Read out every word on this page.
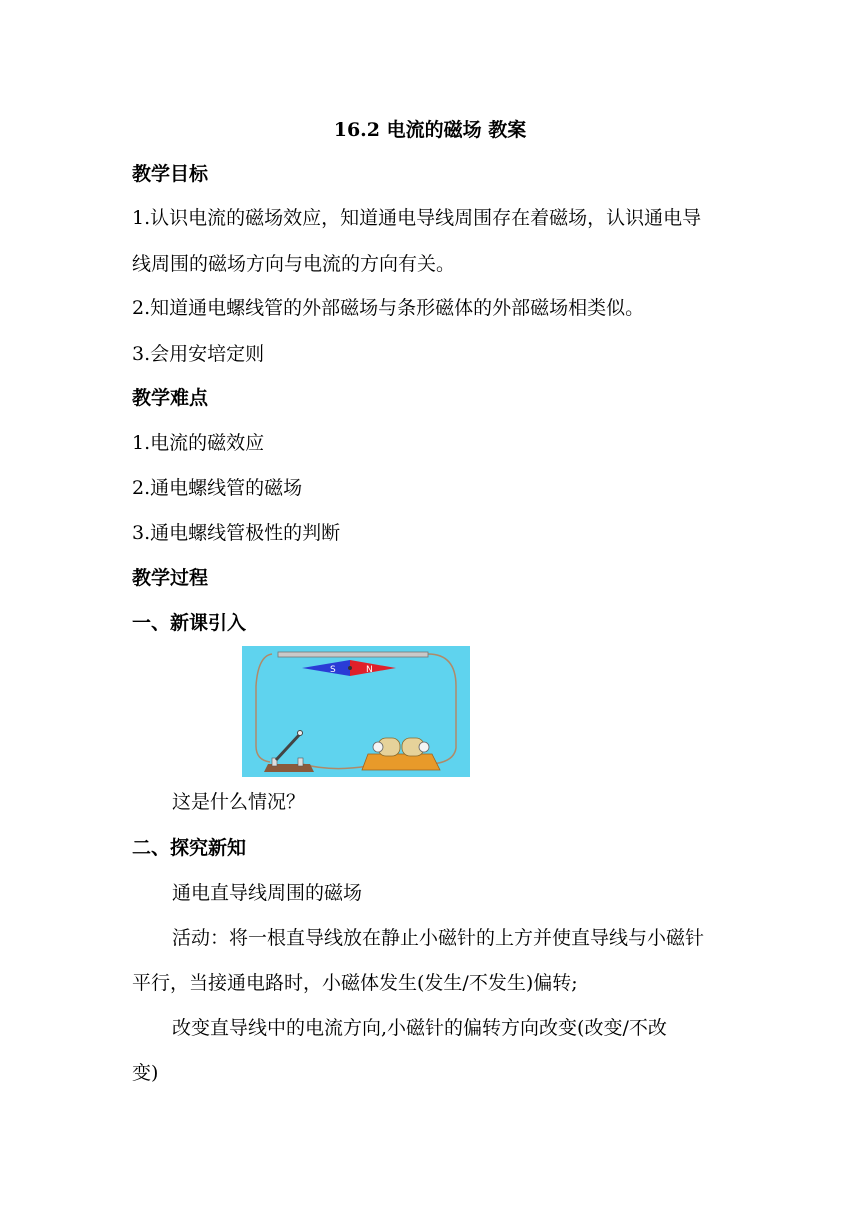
16.2 电流的磁场 教案
教学目标
1.认识电流的磁场效应，知道通电导线周围存在着磁场，认识通电导
线周围的磁场方向与电流的方向有关。
2.知道通电螺线管的外部磁场与条形磁体的外部磁场相类似。
3.会用安培定则
教学难点
1.电流的磁效应
2.通电螺线管的磁场
3.通电螺线管极性的判断
教学过程
一、新课引入
S	N
这是什么情况？
二、探究新知
通电直导线周围的磁场
活动：将一根直导线放在静止小磁针的上方并使直导线与小磁针
平行，当接通电路时，小磁体发生(发生/不发生)偏转;
改变直导线中的电流方向,小磁针的偏转方向改变(改变/不改
变)
